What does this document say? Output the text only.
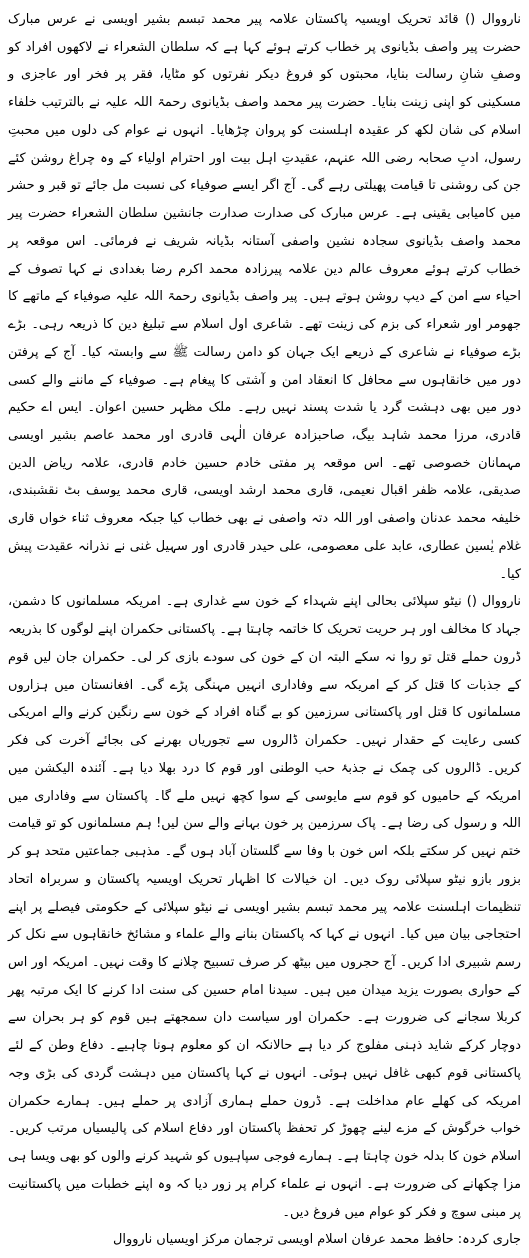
نارووال () قائد تحریک اویسیہ پاکستان علامہ پیر محمد تبسم بشیر اویسی نے عرس مبارک حضرت پیر واصف بڈیانوی پر خطاب کرتے ہوئے کہا ہے کہ سلطان الشعراء نے لاکھوں افراد کو وصفِ شانِ رسالت بنایا، محبتوں کو فروغ دیکر نفرتوں کو مٹایا، فقر پر فخر اور عاجزی و مسکینی کو اپنی زینت بنایا۔ حضرت پیر محمد واصف بڈیانوی رحمۃ اللہ علیہ نے بالترتیب خلفاء اسلام کی شان لکھ کر عقیدہ اہلسنت کو پروان چڑھایا۔ انہوں نے عوام کی دلوں میں محبتِ رسول، ادبِ صحابہ رضی اللہ عنہم، عقیدتِ اہل بیت اور احترام اولیاء کے وہ چراغ روشن کئے جن کی روشنی تا قیامت پھیلتی رہے گی۔ آج اگر ایسے صوفیاء کی نسبت مل جائے تو قبر و حشر میں کامیابی یقینی ہے۔ عرس مبارک کی صدارت صدارت جانشین سلطان الشعراء حضرت پیر محمد واصف بڈیانوی سجادہ نشین واصفی آستانہ بڈیانہ شریف نے فرمائی۔ اس موقعہ پر خطاب کرتے ہوئے معروف عالم دین علامہ پیرزادہ محمد اکرم رضا بغدادی نے کہا تصوف کے احیاء سے امن کے دیپ روشن ہوتے ہیں۔ پیر واصف بڈیانوی رحمۃ اللہ علیہ صوفیاء کے ماتھے کا جھومر اور شعراء کی بزم کی زینت تھے۔ شاعری اول اسلام سے تبلیغ دین کا ذریعہ رہی۔ بڑے بڑے صوفیاء نے شاعری کے ذریعے ایک جہان کو دامن رسالت ﷺ سے وابستہ کیا۔ آج کے پرفتن دور میں خانقاہوں سے محافل کا انعقاد امن و آشتی کا پیغام ہے۔ صوفیاء کے ماننے والے کسی دور میں بھی دہشت گرد یا شدت پسند نہیں رہے۔ ملک مظہر حسین اعوان۔ ایس اے حکیم قادری، مرزا محمد شاہد بیگ، صاحبزادہ عرفان الٰہی قادری اور محمد عاصم بشیر اویسی مہمانان خصوصی تھے۔ اس موقعہ پر مفتی خادم حسین خادم قادری، علامہ ریاض الدین صدیقی، علامہ ظفر اقبال نعیمی، قاری محمد ارشد اویسی، قاری محمد یوسف بٹ نقشبندی، خلیفہ محمد عدنان واصفی اور اللہ دتہ واصفی نے بھی خطاب کیا جبکہ معروف ثناء خواں قاری غلام یٰسین عطاری، عابد علی معصومی، علی حیدر قادری اور سہیل غنی نے نذرانہ عقیدت پیش کیا۔

نارووال () نیٹو سپلائی بحالی اپنے شہداء کے خون سے غداری ہے۔ امریکہ مسلمانوں کا دشمن، جہاد کا مخالف اور ہر حریت تحریک کا خاتمہ چاہتا ہے۔ پاکستانی حکمران اپنے لوگوں کا بذریعہ ڈرون حملے قتل تو روا نہ سکے البتہ ان کے خون کی سودے بازی کر لی۔ حکمران جان لیں قوم کے جذبات کا قتل کر کے امریکہ سے وفاداری انہیں مہنگی پڑے گی۔ افغانستان میں ہزاروں مسلمانوں کا قتل اور پاکستانی سرزمین کو بے گناہ افراد کے خون سے رنگین کرنے والے امریکی کسی رعایت کے حقدار نہیں۔ حکمران ڈالروں سے تجوریاں بھرنے کی بجائے آخرت کی فکر کریں۔ ڈالروں کی چمک نے جذبۂ حب الوطنی اور قوم کا درد بھلا دیا ہے۔ آئندہ الیکشن میں امریکہ کے حامیوں کو قوم سے مایوسی کے سوا کچھ نہیں ملے گا۔ پاکستان سے وفاداری میں اللہ و رسول کی رضا ہے۔ پاک سرزمین پر خون بہانے والے سن لیں! ہم مسلمانوں کو تو قیامت ختم نہیں کر سکتے بلکہ اس خون با وفا سے گلستان آباد ہوں گے۔ مذہبی جماعتیں متحد ہو کر بزور بازو نیٹو سپلائی روک دیں۔ ان خیالات کا اظہار تحریک اویسیہ پاکستان و سربراہ اتحاد تنظیمات اہلسنت علامہ پیر محمد تبسم بشیر اویسی نے نیٹو سپلائی کے حکومتی فیصلے پر اپنے احتجاجی بیان میں کیا۔ انہوں نے کہا کہ پاکستان بنانے والے علماء و مشائخ خانقاہوں سے نکل کر رسم شبیری ادا کریں۔ آج حجروں میں بیٹھ کر صرف تسبیح چلانے کا وقت نہیں۔ امریکہ اور اس کے حواری بصورت یزید میدان میں ہیں۔ سیدنا امام حسین کی سنت ادا کرنے کا ایک مرتبہ پھر کربلا سجانے کی ضرورت ہے۔ حکمران اور سیاست دان سمجھتے ہیں قوم کو ہر بحران سے دوچار کرکے شاید ذہنی مفلوج کر دیا ہے حالانکہ ان کو معلوم ہونا چاہیے۔ دفاع وطن کے لئے پاکستانی قوم کبھی غافل نہیں ہوئی۔ انہوں نے کہا پاکستان میں دہشت گردی کی بڑی وجہ امریکہ کی کھلے عام مداخلت ہے۔ ڈرون حملے ہماری آزادی پر حملے ہیں۔ ہمارے حکمران خواب خرگوش کے مزے لینے چھوڑ کر تحفظ پاکستان اور دفاع اسلام کی پالیسیاں مرتب کریں۔ اسلام خون کا بدلہ خون چاہتا ہے۔ ہمارے فوجی سپاہیوں کو شہید کرنے والوں کو بھی ویسا ہی مزا چکھانے کی ضرورت ہے۔ انہوں نے علماء کرام پر زور دیا کہ وہ اپنے خطبات میں پاکستانیت پر مبنی سوچ و فکر کو عوام میں فروغ دیں۔

جاری کردہ: حافظ محمد عرفان اسلام اویسی ترجمان مرکز اویسیاں نارووال
